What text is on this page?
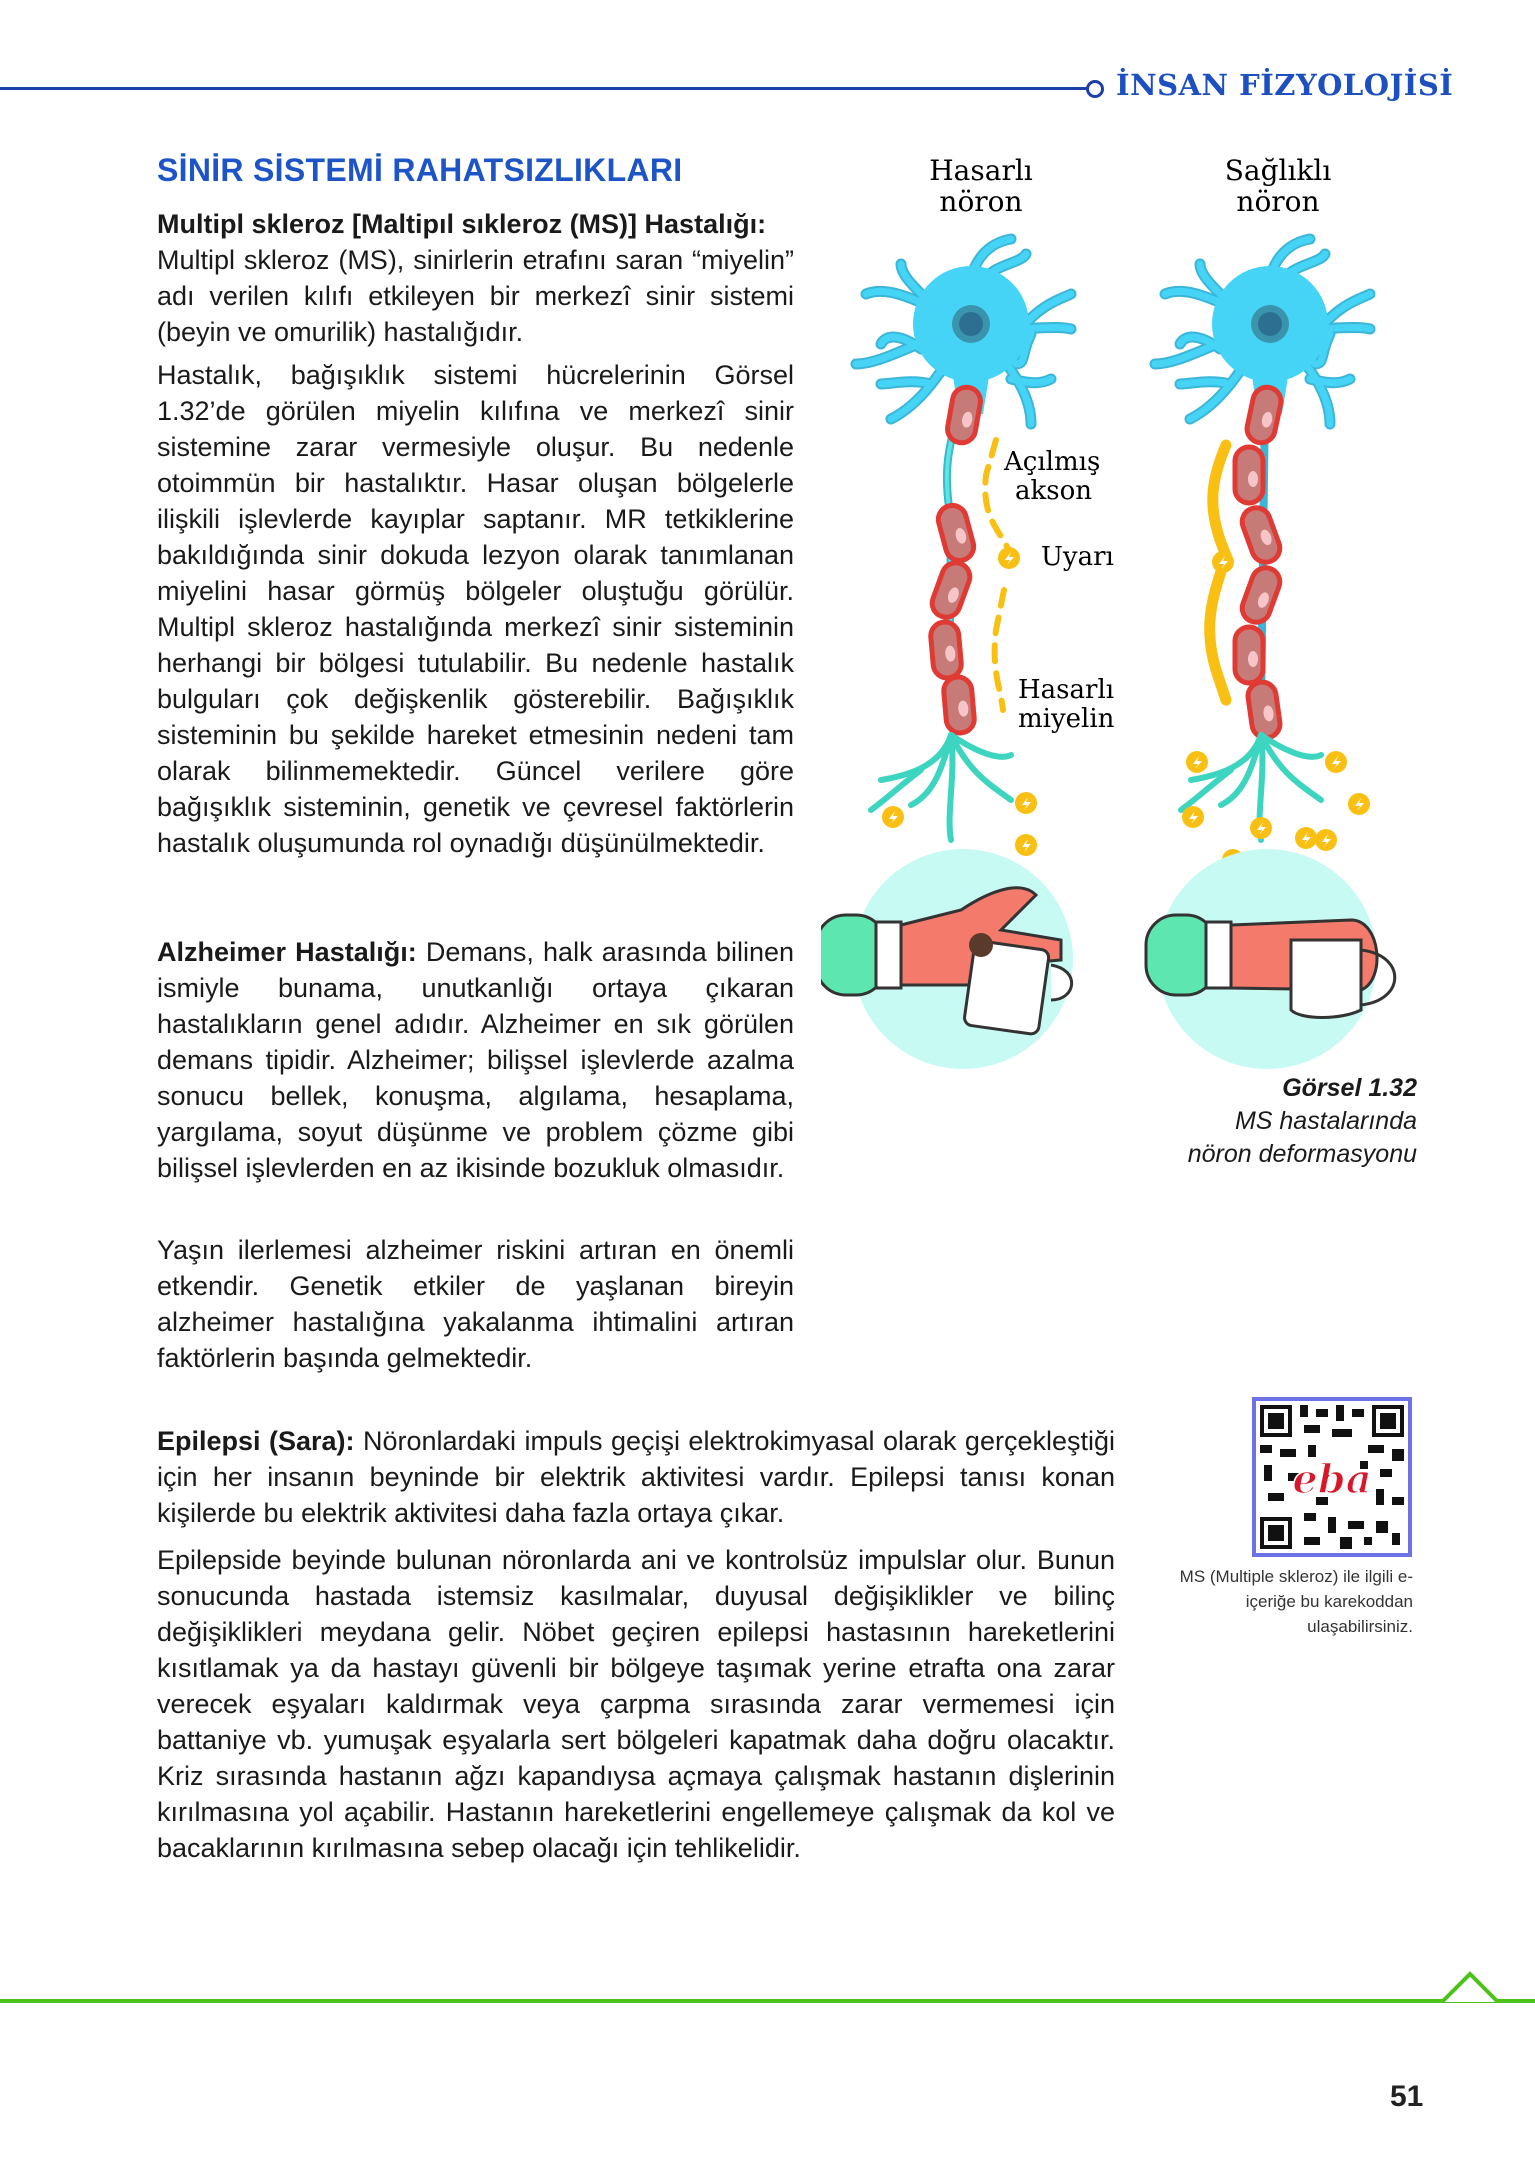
İNSAN FİZYOLOJİSİ
SİNİR SİSTEMİ RAHATSIZLIKLARI
Multipl skleroz [Maltipıl sıkleroz (MS)] Hastalığı:
Multipl skleroz (MS), sinirlerin etrafını saran “miyelin” adı verilen kılıfı etkileyen bir merkezî sinir sistemi (beyin ve omurilik) hastalığıdır.
Hastalık, bağışıklık sistemi hücrelerinin Görsel 1.32’de görülen miyelin kılıfına ve merkezî sinir sistemine zarar vermesiyle oluşur. Bu nedenle otoimmün bir hastalıktır. Hasar oluşan bölgelerle ilişkili işlevlerde kayıplar saptanır. MR tetkiklerine bakıldığında sinir dokuda lezyon olarak tanımlanan miyelini hasar görmüş bölgeler oluştuğu görülür. Multipl skleroz hastalığında merkezî sinir sisteminin herhangi bir bölgesi tutulabilir. Bu nedenle hastalık bulguları çok değişkenlik gösterebilir. Bağışıklık sisteminin bu şekilde hareket etmesinin nedeni tam olarak bilinmemektedir. Güncel verilere göre bağışıklık sisteminin, genetik ve çevresel faktörlerin hastalık oluşumunda rol oynadığı düşünülmektedir.
Alzheimer Hastalığı: Demans, halk arasında bilinen ismiyle bunama, unutkanlığı ortaya çıkaran hastalıkların genel adıdır. Alzheimer en sık görülen demans tipidir. Alzheimer; bilişsel işlevlerde azalma sonucu bellek, konuşma, algılama, hesaplama, yargılama, soyut düşünme ve problem çözme gibi bilişsel işlevlerden en az ikisinde bozukluk olmasıdır.
Yaşın ilerlemesi alzheimer riskini artıran en önemli etkendir. Genetik etkiler de yaşlanan bireyin alzheimer hastalığına yakalanma ihtimalini artıran faktörlerin başında gelmektedir.
Epilepsi (Sara): Nöronlardaki impuls geçişi elektrokimyasal olarak gerçekleştiği için her insanın beyninde bir elektrik aktivitesi vardır. Epilepsi tanısı konan kişilerde bu elektrik aktivitesi daha fazla ortaya çıkar.
Epilepside beyinde bulunan nöronlarda ani ve kontrolsüz impulslar olur. Bunun sonucunda hastada istemsiz kasılmalar, duyusal değişiklikler ve bilinç değişiklikleri meydana gelir. Nöbet geçiren epilepsi hastasının hareketlerini kısıtlamak ya da hastayı güvenli bir bölgeye taşımak yerine etrafta ona zarar verecek eşyaları kaldırmak veya çarpma sırasında zarar vermemesi için battaniye vb. yumuşak eşyalarla sert bölgeleri kapatmak daha doğru olacaktır. Kriz sırasında hastanın ağzı kapandıysa açmaya çalışmak hastanın dişlerinin kırılmasına yol açabilir. Hastanın hareketlerini engellemeye çalışmak da kol ve bacaklarının kırılmasına sebep olacağı için tehlikelidir.
Hasarlı
nöron
Sağlıklı
nöron
Açılmış
akson
Uyarı
Hasarlı
miyelin
Görsel 1.32
MS hastalarında
nöron deformasyonu
eba
MS (Multiple skleroz) ile ilgili e-içeriğe bu karekoddan ulaşabilirsiniz.
51
